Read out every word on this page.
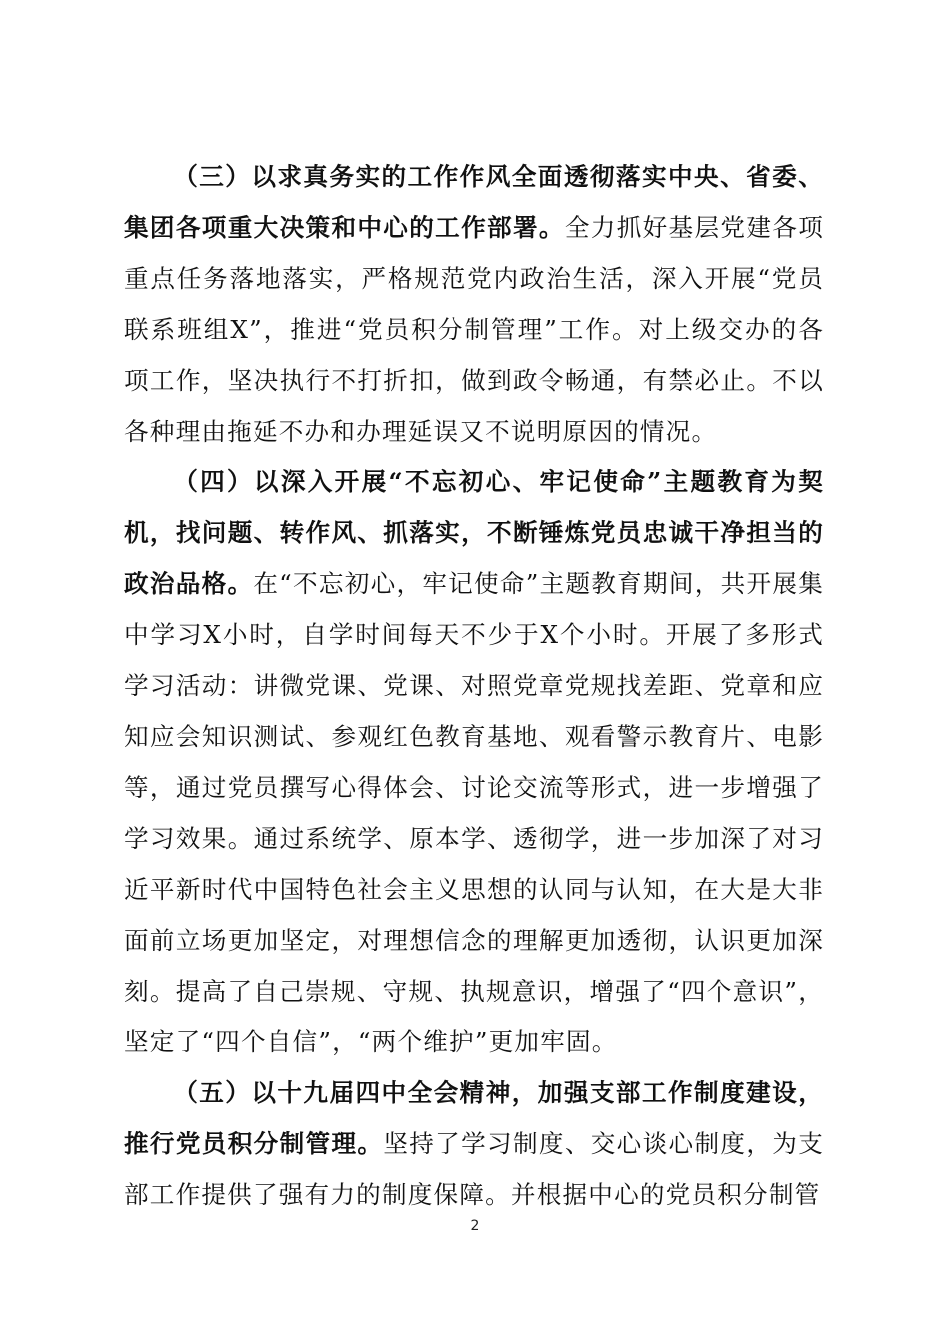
（三）以求真务实的工作作风全面透彻落实中央、省委、集团各项重大决策和中心的工作部署。全力抓好基层党建各项重点任务落地落实，严格规范党内政治生活，深入开展“党员联系班组X”，推进“党员积分制管理”工作。对上级交办的各项工作，坚决执行不打折扣，做到政令畅通，有禁必止。不以各种理由拖延不办和办理延误又不说明原因的情况。

（四）以深入开展“不忘初心、牢记使命”主题教育为契机，找问题、转作风、抓落实，不断锤炼党员忠诚干净担当的政治品格。在“不忘初心，牢记使命”主题教育期间，共开展集中学习X小时，自学时间每天不少于X个小时。开展了多形式学习活动：讲微党课、党课、对照党章党规找差距、党章和应知应会知识测试、参观红色教育基地、观看警示教育片、电影等，通过党员撰写心得体会、讨论交流等形式，进一步增强了学习效果。通过系统学、原本学、透彻学，进一步加深了对习近平新时代中国特色社会主义思想的认同与认知，在大是大非面前立场更加坚定，对理想信念的理解更加透彻，认识更加深刻。提高了自己崇规、守规、执规意识，增强了“四个意识”，坚定了“四个自信”，“两个维护”更加牢固。

（五）以十九届四中全会精神，加强支部工作制度建设，推行党员积分制管理。坚持了学习制度、交心谈心制度，为支部工作提供了强有力的制度保障。并根据中心的党员积分制管

2
